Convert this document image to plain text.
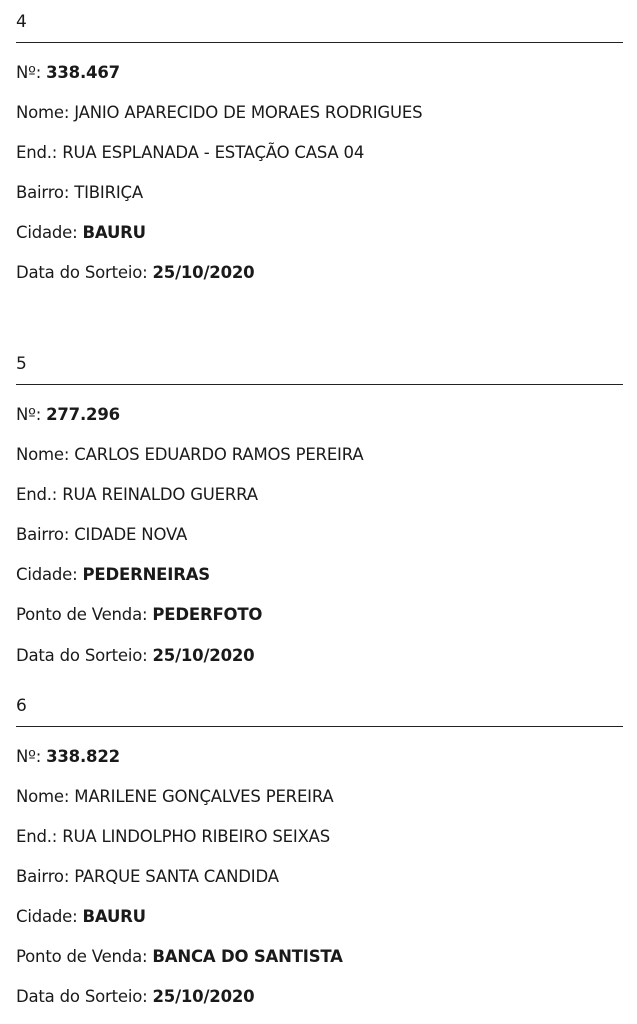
4
Nº: 338.467
Nome: JANIO APARECIDO DE MORAES RODRIGUES
End.: RUA ESPLANADA - ESTAÇÃO CASA 04
Bairro: TIBIRIÇA
Cidade: BAURU
Data do Sorteio: 25/10/2020
5
Nº: 277.296
Nome: CARLOS EDUARDO RAMOS PEREIRA
End.: RUA REINALDO GUERRA
Bairro: CIDADE NOVA
Cidade: PEDERNEIRAS
Ponto de Venda: PEDERFOTO
Data do Sorteio: 25/10/2020
6
Nº: 338.822
Nome: MARILENE GONÇALVES PEREIRA
End.: RUA LINDOLPHO RIBEIRO SEIXAS
Bairro: PARQUE SANTA CANDIDA
Cidade: BAURU
Ponto de Venda: BANCA DO SANTISTA
Data do Sorteio: 25/10/2020
